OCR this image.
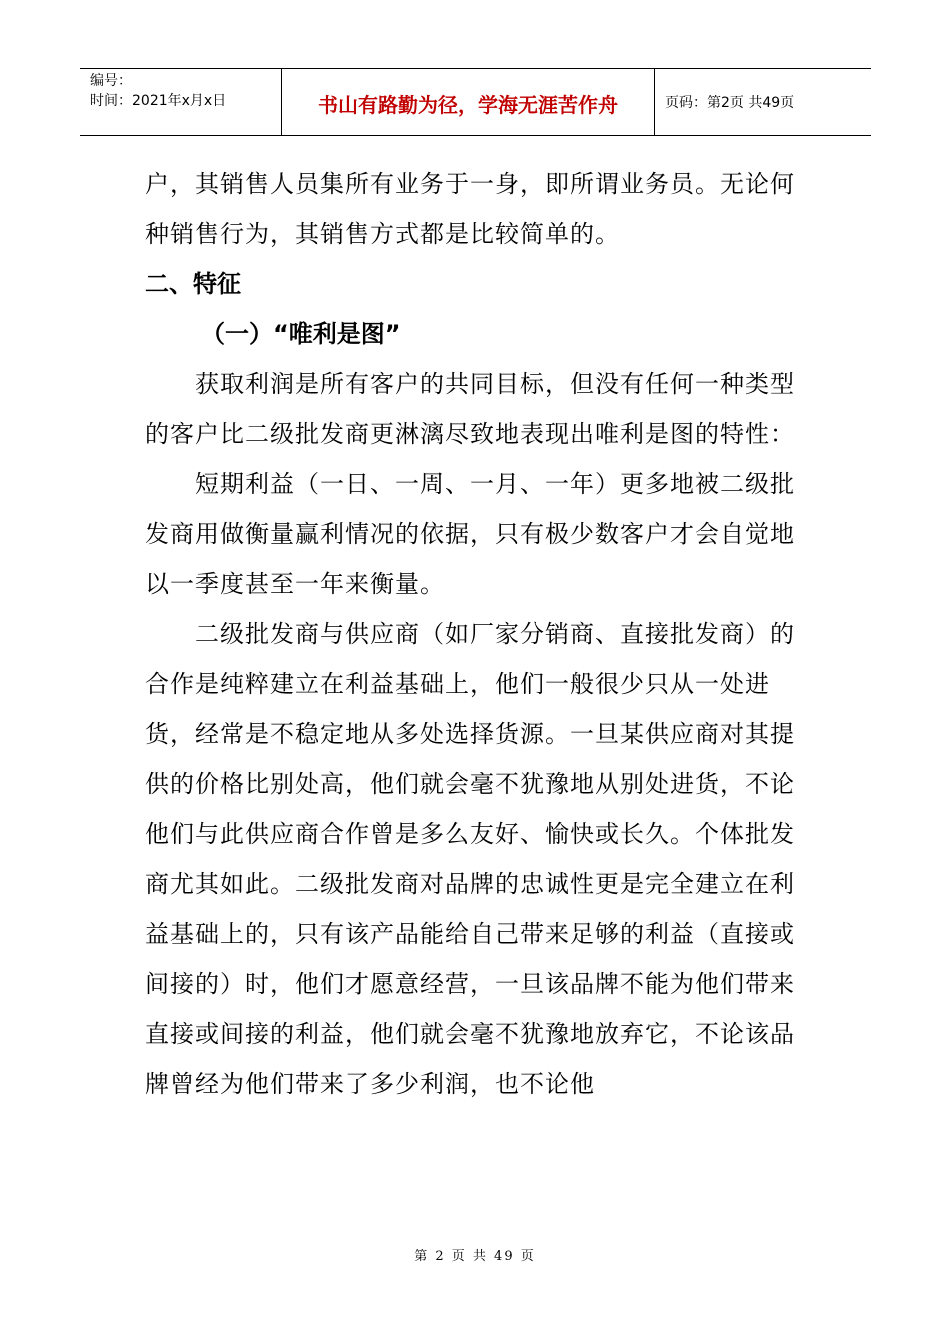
编号：
时间：2021年x月x日	书山有路勤为径，学海无涯苦作舟	页码：第2页 共49页

户，其销售人员集所有业务于一身，即所谓业务员。无论何种销售行为，其销售方式都是比较简单的。

二、特征

（一）“唯利是图”

获取利润是所有客户的共同目标，但没有任何一种类型的客户比二级批发商更淋漓尽致地表现出唯利是图的特性：

短期利益（一日、一周、一月、一年）更多地被二级批发商用做衡量赢利情况的依据，只有极少数客户才会自觉地以一季度甚至一年来衡量。

二级批发商与供应商（如厂家分销商、直接批发商）的合作是纯粹建立在利益基础上，他们一般很少只从一处进货，经常是不稳定地从多处选择货源。一旦某供应商对其提供的价格比别处高，他们就会毫不犹豫地从别处进货，不论他们与此供应商合作曾是多么友好、愉快或长久。个体批发商尤其如此。二级批发商对品牌的忠诚性更是完全建立在利益基础上的，只有该产品能给自己带来足够的利益（直接或间接的）时，他们才愿意经营，一旦该品牌不能为他们带来直接或间接的利益，他们就会毫不犹豫地放弃它，不论该品牌曾经为他们带来了多少利润，也不论他

第 2 页 共 49 页
